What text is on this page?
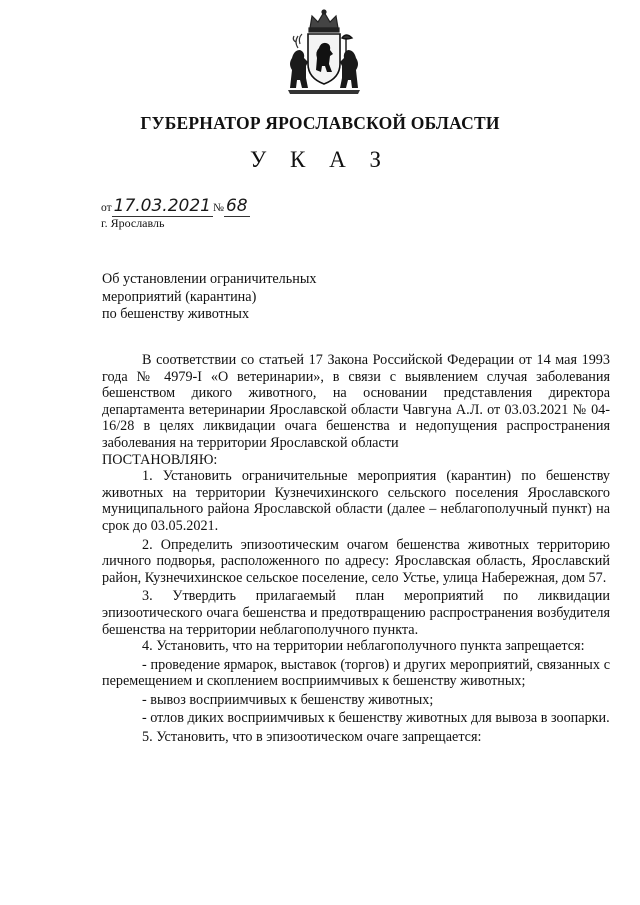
ГУБЕРНАТОР ЯРОСЛАВСКОЙ ОБЛАСТИ
У К А З
от 17.03.2021 № 68
г. Ярославль
Об установлении ограничительных
мероприятий (карантина)
по бешенству животных

В соответствии со статьей 17 Закона Российской Федерации от 14 мая 1993 года № 4979-I «О ветеринарии», в связи с выявлением случая заболевания бешенством дикого животного, на основании представления директора департамента ветеринарии Ярославской области Чавгуна А.Л. от 03.03.2021 № 04-16/28 в целях ликвидации очага бешенства и недопущения распространения заболевания на территории Ярославской области

ПОСТАНОВЛЯЮ:

1. Установить ограничительные мероприятия (карантин) по бешенству животных на территории Кузнечихинского сельского поселения Ярославского муниципального района Ярославской области (далее – неблагополучный пункт) на срок до 03.05.2021.

2. Определить эпизоотическим очагом бешенства животных территорию личного подворья, расположенного по адресу: Ярославская область, Ярославский район, Кузнечихинское сельское поселение, село Устье, улица Набережная, дом 57.

3. Утвердить прилагаемый план мероприятий по ликвидации эпизоотического очага бешенства и предотвращению распространения возбудителя бешенства на территории неблагополучного пункта.

4. Установить, что на территории неблагополучного пункта запрещается:

- проведение ярмарок, выставок (торгов) и других мероприятий, связанных с перемещением и скоплением восприимчивых к бешенству животных;

- вывоз восприимчивых к бешенству животных;

- отлов диких восприимчивых к бешенству животных для вывоза в зоопарки.

5. Установить, что в эпизоотическом очаге запрещается:
